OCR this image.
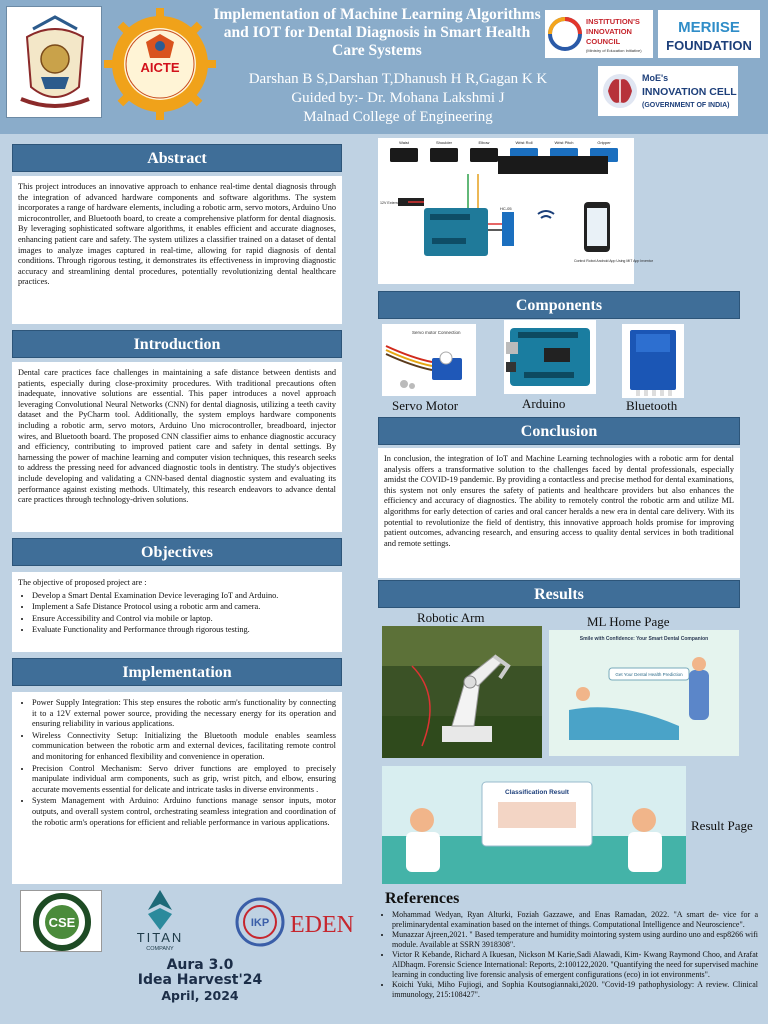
AICTE
Implementation of Machine Learning Algorithms and IOT for Dental Diagnosis in Smart Health Care Systems
Darshan B S,Darshan T,Dhanush H R,Gagan K K
Guided by:- Dr. Mohana Lakshmi J
Malnad College of Engineering
INSTITUTION'S
INNOVATION
COUNCIL
(Ministry of Education Initiative)
MERIISE
FOUNDATION
MoE's
INNOVATION CELL
(GOVERNMENT OF INDIA)
Abstract

This project introduces an innovative approach to enhance real-time dental diagnosis through the integration of advanced hardware components and software algorithms. The system incorporates a range of hardware elements, including a robotic arm, servo motors, Arduino Uno microcontroller, and Bluetooth board, to create a comprehensive platform for dental diagnosis. By leveraging sophisticated software algorithms, it enables efficient and accurate diagnoses, enhancing patient care and safety. The system utilizes a classifier trained on a dataset of dental images to analyze images captured in real-time, allowing for rapid diagnosis of dental conditions. Through rigorous testing, it demonstrates its effectiveness in improving diagnostic accuracy and streamlining dental procedures, potentially revolutionizing dental healthcare practices.

Introduction

Dental care practices face challenges in maintaining a safe distance between dentists and patients, especially during close-proximity procedures. With traditional precautions often inadequate, innovative solutions are essential. This paper introduces a novel approach leveraging Convolutional Neural Networks (CNN) for dental diagnosis, utilizing a teeth cavity dataset and the PyCharm tool. Additionally, the system employs hardware components including a robotic arm, servo motors, Arduino Uno microcontroller, breadboard, injector wires, and Bluetooth board. The proposed CNN classifier aims to enhance diagnostic accuracy and efficiency, contributing to improved patient care and safety in dental settings. By harnessing the power of machine learning and computer vision techniques, this research seeks to address the pressing need for advanced diagnostic tools in dentistry. The study's objectives include developing and validating a CNN-based dental diagnostic system and evaluating its performance against existing methods. Ultimately, this research endeavors to advance dental care practices through technology-driven solutions.

Objectives

The objective of proposed project are :

• Develop a Smart Dental Examination Device leveraging IoT and Arduino.
• Implement a Safe Distance Protocol using a robotic arm and camera.
• Ensure Accessibility and Control via mobile or laptop.
• Evaluate Functionality and Performance through rigorous testing.
Implementation
• Power Supply Integration: This step ensures the robotic arm's functionality by connecting it to a 12V external power source, providing the necessary energy for its operation and ensuring reliability in various applications.
• Wireless Connectivity Setup: Initializing the Bluetooth module enables seamless communication between the robotic arm and external devices, facilitating remote control and monitoring for enhanced flexibility and convenience in operation.
• Precision Control Mechanism: Servo driver functions are employed to precisely manipulate individual arm components, such as grip, wrist pitch, and elbow, ensuring accurate movements essential for delicate and intricate tasks in diverse environments .
• System Management with Arduino: Arduino functions manage sensor inputs, motor outputs, and overall system control, orchestrating seamless integration and coordination of the robotic arm's operations for efficient and reliable performance in various applications.
CSE
TITAN
COMPANY
IKP EDEN
Aura 3.0
Idea Harvest'24
April, 2024
Waist	Shoulder	Elbow	Wrist Roll	Wrist Pitch	Gripper
12V External Power Source
HC-05
Control Robot Android App Using MIT App Inventor
Components
Servo motor Connection
Servo Motor	Arduino	Bluetooth
Conclusion

In conclusion, the integration of IoT and Machine Learning technologies with a robotic arm for dental analysis offers a transformative solution to the challenges faced by dental professionals, especially amidst the COVID-19 pandemic. By providing a contactless and precise method for dental examinations, this system not only ensures the safety of patients and healthcare providers but also enhances the efficiency and accuracy of diagnostics. The ability to remotely control the robotic arm and utilize ML algorithms for early detection of caries and oral cancer heralds a new era in dental care delivery. With its potential to revolutionize the field of dentistry, this innovative approach holds promise for improving patient outcomes, advancing research, and ensuring access to quality dental services in both traditional and remote settings.

Results
Robotic Arm	ML Home Page
Smile with Confidence: Your Smart Dental Companion
Get Your Dental Health Prediction
Classification Result
Result Page
References
• Mohammad Wedyan, Ryan Alturki, Foziah Gazzawe, and Enas Ramadan, 2022. "A smart de- vice for a preliminarydental examination based on the internet of things. Computational Intelligence and Neuroscience".
• Munazzar Ajreen,2021. " Based temperature and humidity mointoring system using aurdino uno and esp8266 wifi module. Available at SSRN 3918308".
• Victor R Kebande, Richard A Ikuesan, Nickson M Karie,Sadi Alawadi, Kim- Kwang Raymond Choo, and Arafat AlDhaqm. Forensic Science International: Reports, 2:100122,2020. "Quantifying the need for supervised machine learning in conducting live forensic analysis of emergent configurations (eco) in iot environments".
• Koichi Yuki, Miho Fujiogi, and Sophia Koutsogiannaki,2020. "Covid-19 pathophysiology: A review. Clinical immunology, 215:108427".
